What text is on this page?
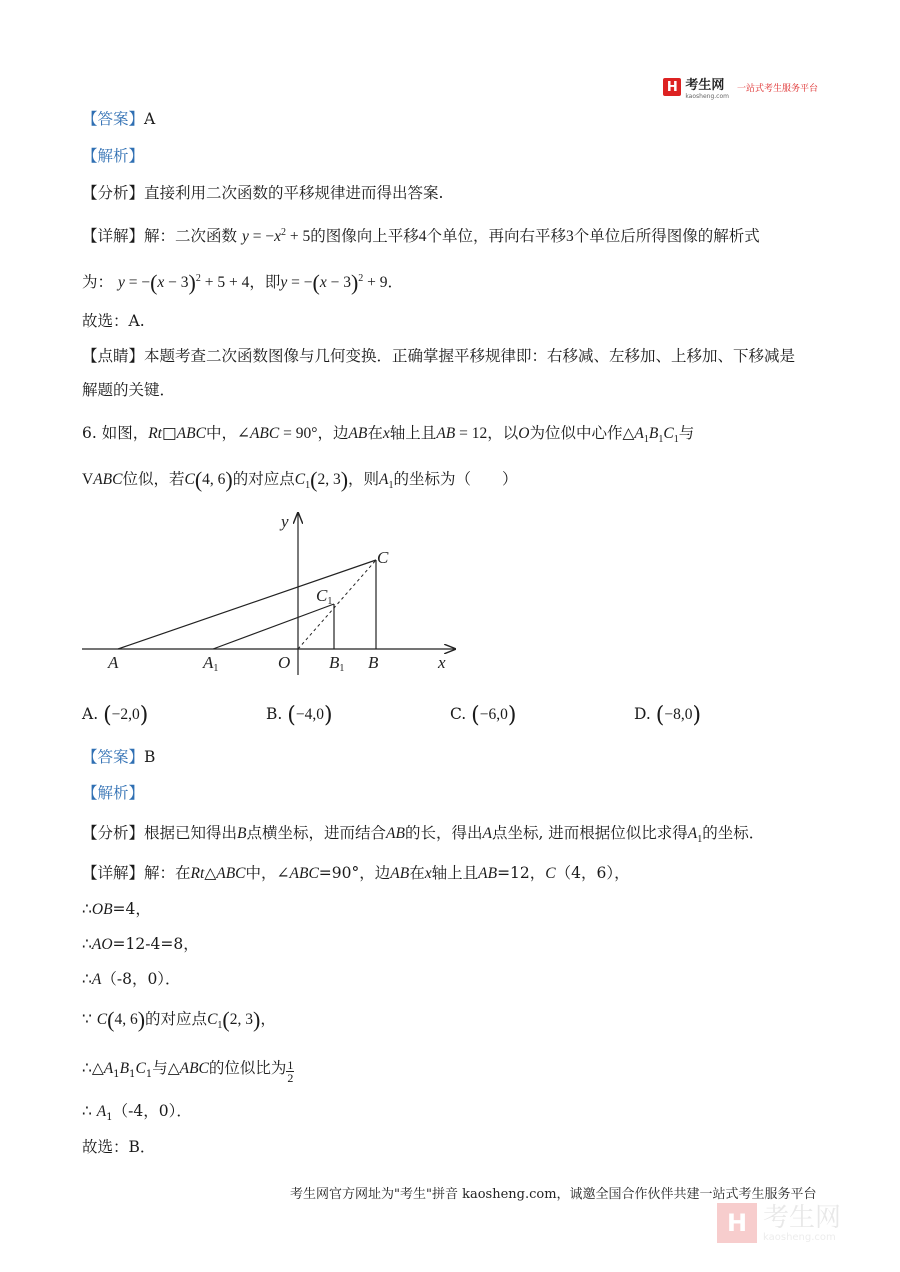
H 考生网
kaosheng.com
一站式考生服务平台
【答案】A
【解析】
【分析】直接利用二次函数的平移规律进而得出答案.
【详解】解：二次函数 $y = -x^2 + 5$的图像向上平移4个单位，再向右平移3个单位后所得图像的解析式
为： $y = -(x - 3)^2 + 5 + 4$，即$y = -(x - 3)^2 + 9$．
故选：A.
【点睛】本题考查二次函数图像与几何变换．正确掌握平移规律即：右移减、左移加、上移加、下移减是
解题的关键．
6. 如图，Rt□ABC中，∠ABC = 90°，边AB在x轴上且AB = 12，以O为位似中心作$\triangle A_1B_1C_1$与
VABC位似，若C(4, 6)的对应点$C_1(2$, 3)，则$A_1$的坐标为（　　）
y
x
C
C1
A	A1	O B1 B
A. (−2,0)	B. (−4,0)	C. (−6,0)	D. (−8,0)
【答案】B
【解析】
【分析】根据已知得出B点横坐标，进而结合AB的长，得出A点坐标, 进而根据位似比求得$A_1$的坐标．
【详解】解：在Rt△ABC中，∠ABC=90°，边AB在x轴上且AB=12，C（4，6），
∴OB=4，
∴AO=12-4=8，
∴A（-8，0）．
∵ C(4, 6)的对应点$C_1(2$, 3)，
$\therefore\triangle A_1B_1C_1$与△ABC的位似比为 $\frac{1}{2}$
∴ $A_1(-4$，0）．
故选：B．
考生网官方网址为"考生"拼音 kaosheng.com，诚邀全国合作伙伴共建一站式考生服务平台
H 考生网
kaosheng.com
